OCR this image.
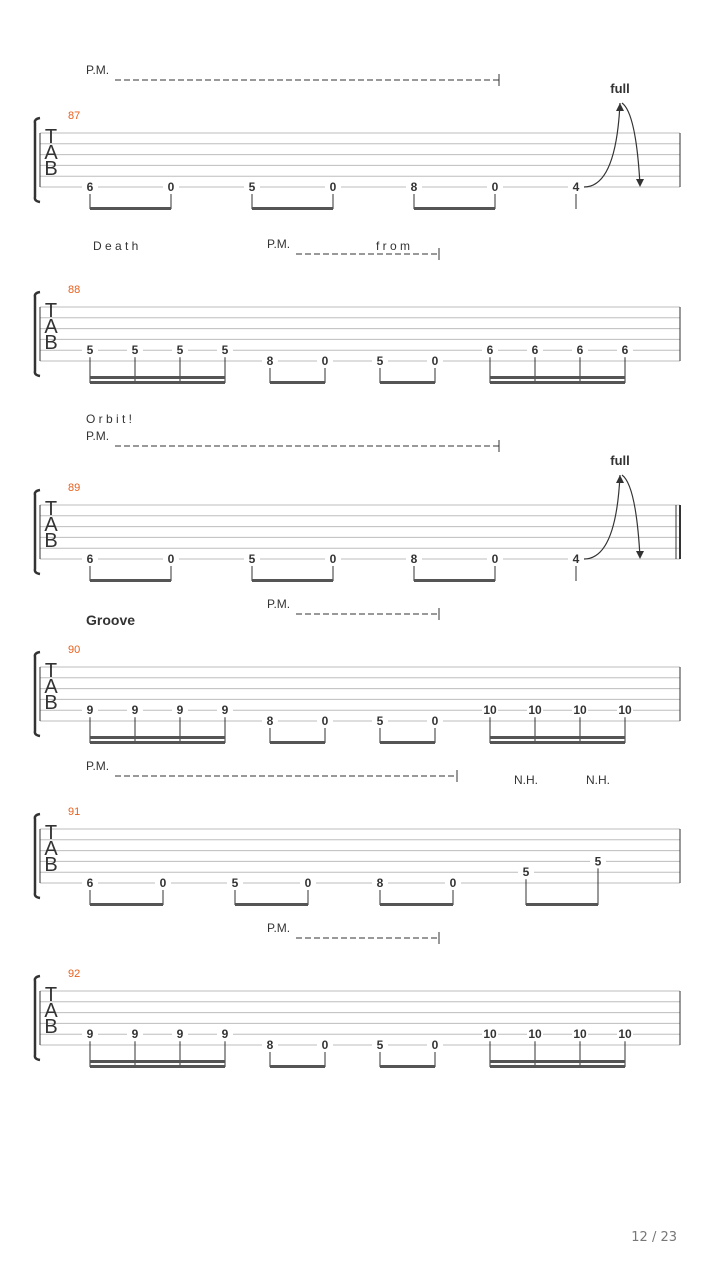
T
A
B
87
P.M.
6	0	5	0	8	0	4
full
T
A
B
88
D e a t h	f r o m
P.M.
5	5	5	5
8	0	5	0
6	6	6	6
T
A
B
89
O r b i t !
P.M.
6	0	5	0	8	0	4
full
T
A
B
90
Groove
P.M.
9	9	9	9
8	0	5	0
10	10	10	10
T
A
B
91
P.M.
6	0	5	0	8	0
5
N.H.
5
N.H.
T
A
B
92
P.M.
9	9	9	9
8	0	5	0
10	10	10	10
12 / 23
